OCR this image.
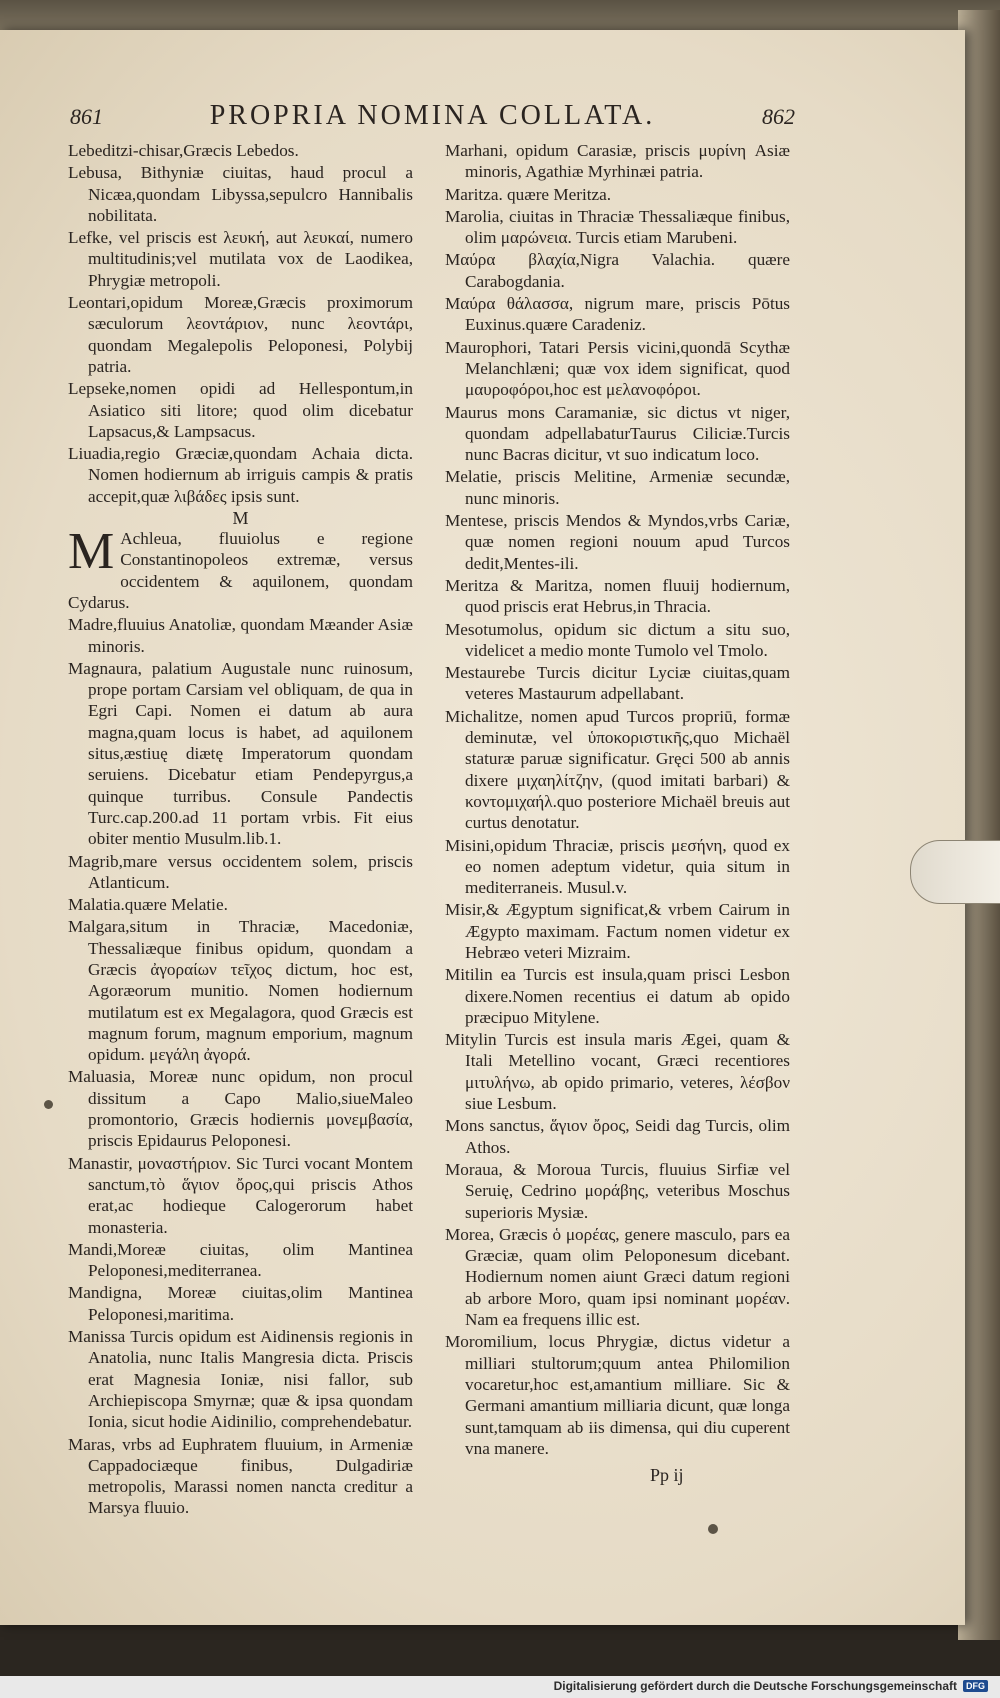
861	PROPRIA NOMINA COLLATA.	862

Lebeditzi-chisar,Græcis Lebedos.

Lebusa, Bithyniæ ciuitas, haud procul a Nicæa,quondam Libyssa,sepulcro Hannibalis nobilitata.

Lefke, vel priscis est λευκή, aut λευκαί, numero multitudinis;vel mutilata vox de Laodikea, Phrygiæ metropoli.

Leontari,opidum Moreæ,Græcis proximorum sæculorum λεοντάριον, nunc λεοντάρι, quondam Megalepolis Peloponesi, Polybij patria.

Lepseke,nomen opidi ad Hellespontum,in Asiatico siti litore; quod olim dicebatur Lapsacus,& Lampsacus.

Liuadia,regio Græciæ,quondam Achaia dicta. Nomen hodiernum ab irriguis campis & pratis accepit,quæ λιβάδες ipsis sunt.

M

M Achleua, fluuiolus e regione Constantinopoleos extremæ, versus occidentem & aquilonem, quondam Cydarus.

Madre,fluuius Anatoliæ, quondam Mæander Asiæ minoris.

Magnaura, palatium Augustale nunc ruinosum, prope portam Carsiam vel obliquam, de qua in Egri Capi. Nomen ei datum ab aura magna,quam locus is habet, ad aquilonem situs,æstiuę diætę Imperatorum quondam seruiens. Dicebatur etiam Pendepyrgus,a quinque turribus. Consule Pandectis Turc.cap.200.ad 11 portam vrbis. Fit eius obiter mentio Musulm.lib.1.

Magrib,mare versus occidentem solem, priscis Atlanticum.

Malatia.quære Melatie.

Malgara,situm in Thraciæ, Macedoniæ, Thessaliæque finibus opidum, quondam a Græcis ἀγοραίων τεῖχος dictum, hoc est, Agoræorum munitio. Nomen hodiernum mutilatum est ex Megalagora, quod Græcis est magnum forum, magnum emporium, magnum opidum. μεγάλη ἀγορά.

Maluasia, Moreæ nunc opidum, non procul dissitum a Capo Malio,siueMaleo promontorio, Græcis hodiernis μονεμβασία, priscis Epidaurus Peloponesi.

Manastir, μοναστήριον. Sic Turci vocant Montem sanctum,τὸ ἅγιον ὄρος,qui priscis Athos erat,ac hodieque Calogerorum habet monasteria.

Mandi,Moreæ ciuitas, olim Mantinea Peloponesi,mediterranea.

Mandigna, Moreæ ciuitas,olim Mantinea Peloponesi,maritima.

Manissa Turcis opidum est Aidinensis regionis in Anatolia, nunc Italis Mangresia dicta. Priscis erat Magnesia Ioniæ, nisi fallor, sub Archiepiscopa Smyrnæ; quæ & ipsa quondam Ionia, sicut hodie Aidinilio, comprehendebatur.

Maras, vrbs ad Euphratem fluuium, in Armeniæ Cappadociæque finibus, Dulgadiriæ metropolis, Marassi nomen nancta creditur a Marsya fluuio.

Marhani, opidum Carasiæ, priscis μυρίνη Asiæ minoris, Agathiæ Myrhinæi patria.

Maritza. quære Meritza.

Marolia, ciuitas in Thraciæ Thessaliæque finibus, olim μαρώνεια. Turcis etiam Marubeni.

Μαύρα βλαχία,Nigra Valachia. quære Carabogdania.

Μαύρα θάλασσα, nigrum mare, priscis Pōtus Euxinus.quære Caradeniz.

Maurophori, Tatari Persis vicini,quondā Scythæ Melanchlæni; quæ vox idem significat, quod μαυροφόροι,hoc est μελανοφόροι.

Maurus mons Caramaniæ, sic dictus vt niger, quondam adpellabaturTaurus Ciliciæ.Turcis nunc Bacras dicitur, vt suo indicatum loco.

Melatie, priscis Melitine, Armeniæ secundæ, nunc minoris.

Mentese, priscis Mendos & Myndos,vrbs Cariæ, quæ nomen regioni nouum apud Turcos dedit,Mentes-ili.

Meritza & Maritza, nomen fluuij hodiernum, quod priscis erat Hebrus,in Thracia.

Mesotumolus, opidum sic dictum a situ suo, videlicet a medio monte Tumolo vel Tmolo.

Mestaurebe Turcis dicitur Lyciæ ciuitas,quam veteres Mastaurum adpellabant.

Michalitze, nomen apud Turcos propriū, formæ deminutæ, vel ὑποκοριστικῆς,quo Michaël staturæ paruæ significatur. Gręci 500 ab annis dixere μιχαηλίτζην, (quod imitati barbari) & κοντομιχαήλ.quo posteriore Michaël breuis aut curtus denotatur.

Misini,opidum Thraciæ, priscis μεσήνη, quod ex eo nomen adeptum videtur, quia situm in mediterraneis. Musul.v.

Misir,& Ægyptum significat,& vrbem Cairum in Ægypto maximam. Factum nomen videtur ex Hebræo veteri Mizraim.

Mitilin ea Turcis est insula,quam prisci Lesbon dixere.Nomen recentius ei datum ab opido præcipuo Mitylene.

Mitylin Turcis est insula maris Ægei, quam & Itali Metellino vocant, Græci recentiores μιτυλήνω, ab opido primario, veteres, λέσβον siue Lesbum.

Mons sanctus, ἅγιον ὄρος, Seidi dag Turcis, olim Athos.

Moraua, & Moroua Turcis, fluuius Sirfiæ vel Seruię, Cedrino μοράβης, veteribus Moschus superioris Mysiæ.

Morea, Græcis ὁ μορέας, genere masculo, pars ea Græciæ, quam olim Peloponesum dicebant. Hodiernum nomen aiunt Græci datum regioni ab arbore Moro, quam ipsi nominant μορέαν. Nam ea frequens illic est.

Moromilium, locus Phrygiæ, dictus videtur a milliari stultorum;quum antea Philomilion vocaretur,hoc est,amantium milliare. Sic & Germani amantium milliaria dicunt, quæ longa sunt,tamquam ab iis dimensa, qui diu cuperent vna manere.

Pp ij
Digitalisierung gefördert durch die Deutsche Forschungsgemeinschaft	DFG
